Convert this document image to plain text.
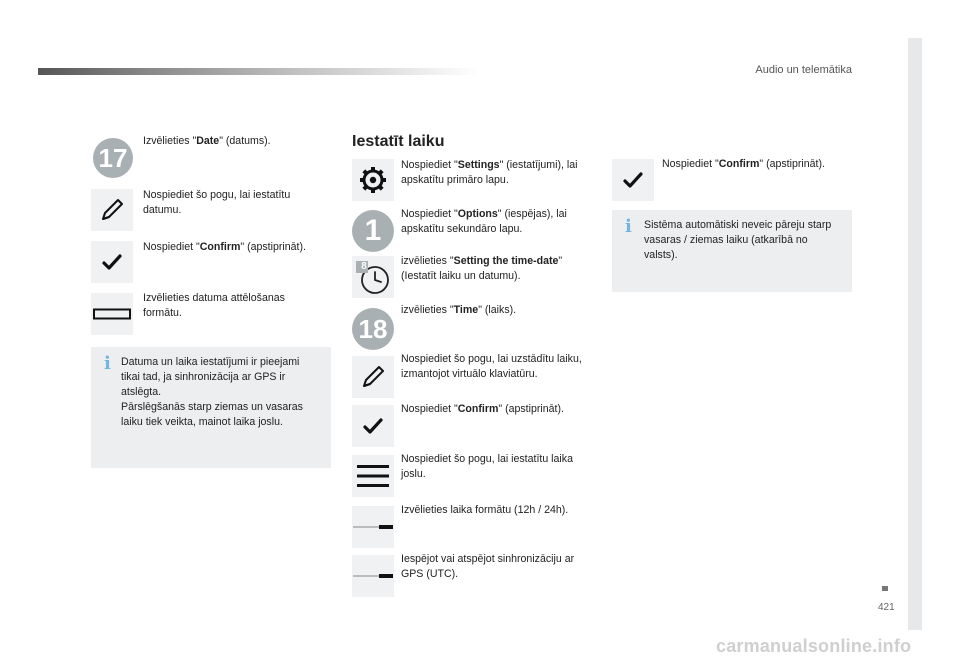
Audio un telemātika
421
carmanualsonline.info
17
Izvēlieties "Date" (datums).
Nospiediet šo pogu, lai iestatītu datumu.
Nospiediet "Confirm" (apstiprināt).
Izvēlieties datuma attēlošanas formātu.
i Datuma un laika iestatījumi ir pieejami tikai tad, ja sinhronizācija ar GPS ir atslēgta.
Pārslēgšanās starp ziemas un vasaras laiku tiek veikta, mainot laika joslu.
Iestatīt laiku
Nospiediet "Settings" (iestatījumi), lai apskatītu primāro lapu.
1	Nospiediet "Options" (iespējas), lai apskatītu sekundāro lapu.
8	izvēlieties "Setting the time-date" (Iestatīt laiku un datumu).
18
izvēlieties "Time" (laiks).
Nospiediet šo pogu, lai uzstādītu laiku, izmantojot virtuālo klaviatūru.
Nospiediet "Confirm" (apstiprināt).
Nospiediet šo pogu, lai iestatītu laika joslu.
Izvēlieties laika formātu (12h / 24h).
Iespējot vai atspējot sinhronizāciju ar GPS (UTC).
Nospiediet "Confirm" (apstiprināt).
i Sistēma automātiski neveic pāreju starp vasaras / ziemas laiku (atkarībā no valsts).
